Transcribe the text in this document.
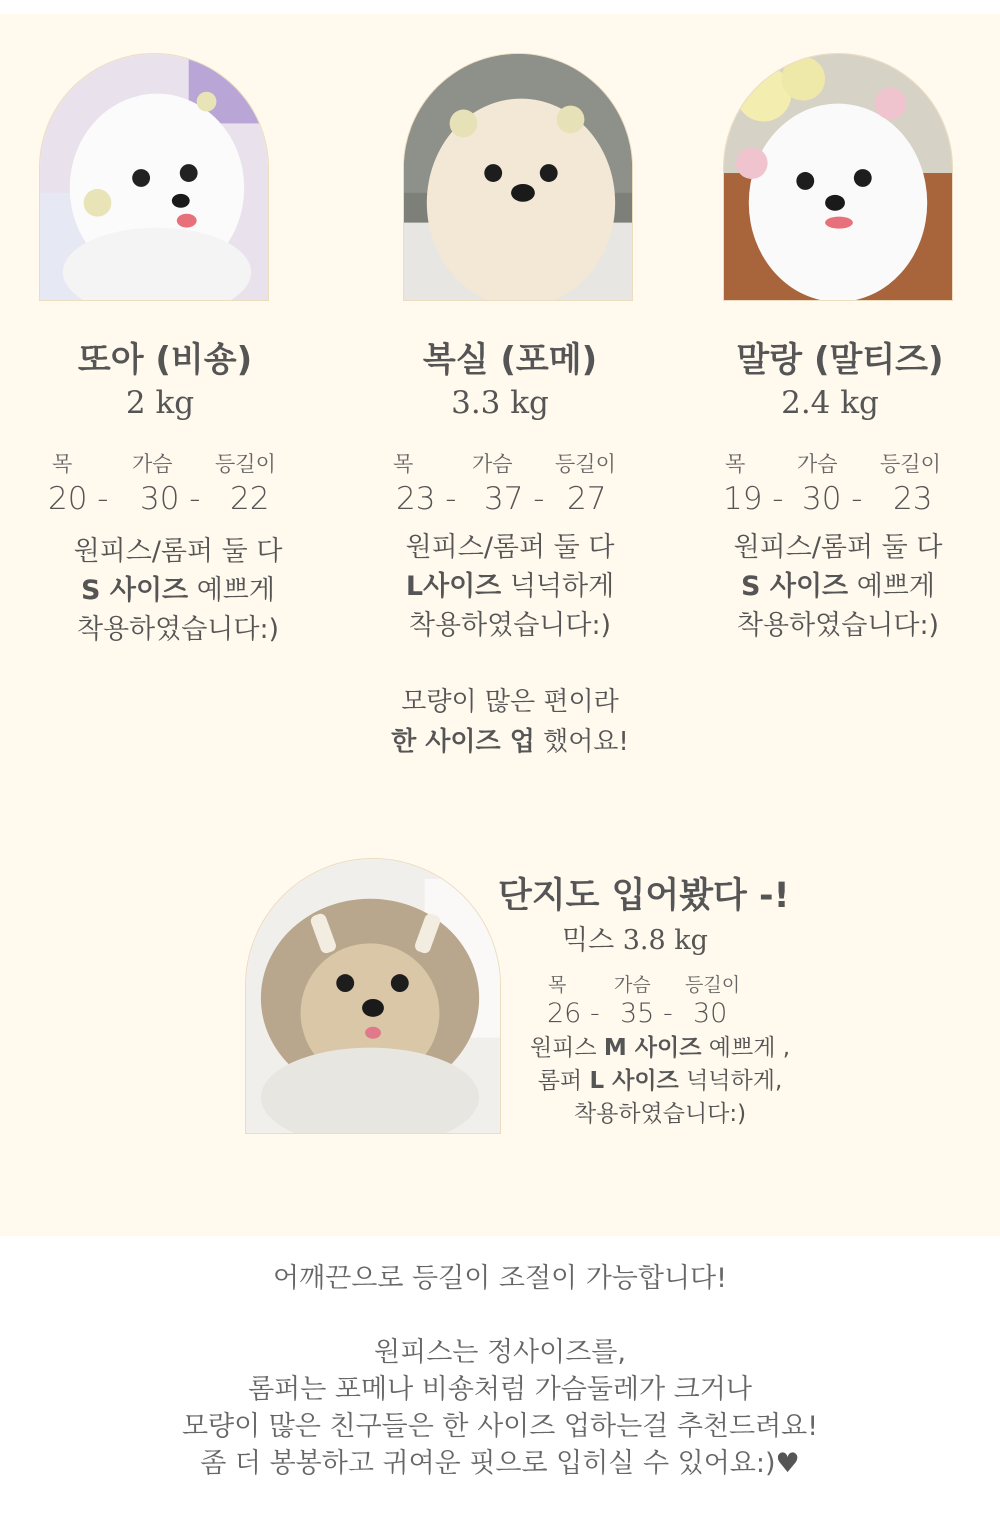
또아 (비숑)
2 kg
목	가슴 등길이
20 - 30 - 22
원피스/롬퍼 둘 다
S 사이즈 예쁘게
착용하였습니다:)
복실 (포메)
3.3 kg
목	가슴 등길이
23 - 37 - 27
원피스/롬퍼 둘 다
L사이즈 넉넉하게
착용하였습니다:)
말랑 (말티즈)
2.4 kg
목 가슴 등길이
19 - 30 - 23
원피스/롬퍼 둘 다
S 사이즈 예쁘게
착용하였습니다:)
모량이 많은 편이라
한 사이즈 업 했어요!
단지도 입어봤다 -!
믹스 3.8 kg
목	가슴 등길이
26 - 35 - 30
원피스 M 사이즈 예쁘게 ,
롬퍼 L 사이즈 넉넉하게,
착용하였습니다:)
어깨끈으로 등길이 조절이 가능합니다!
원피스는 정사이즈를,
롬퍼는 포메나 비숑처럼 가슴둘레가 크거나
모량이 많은 친구들은 한 사이즈 업하는걸 추천드려요!
좀 더 봉봉하고 귀여운 핏으로 입히실 수 있어요:)♥
